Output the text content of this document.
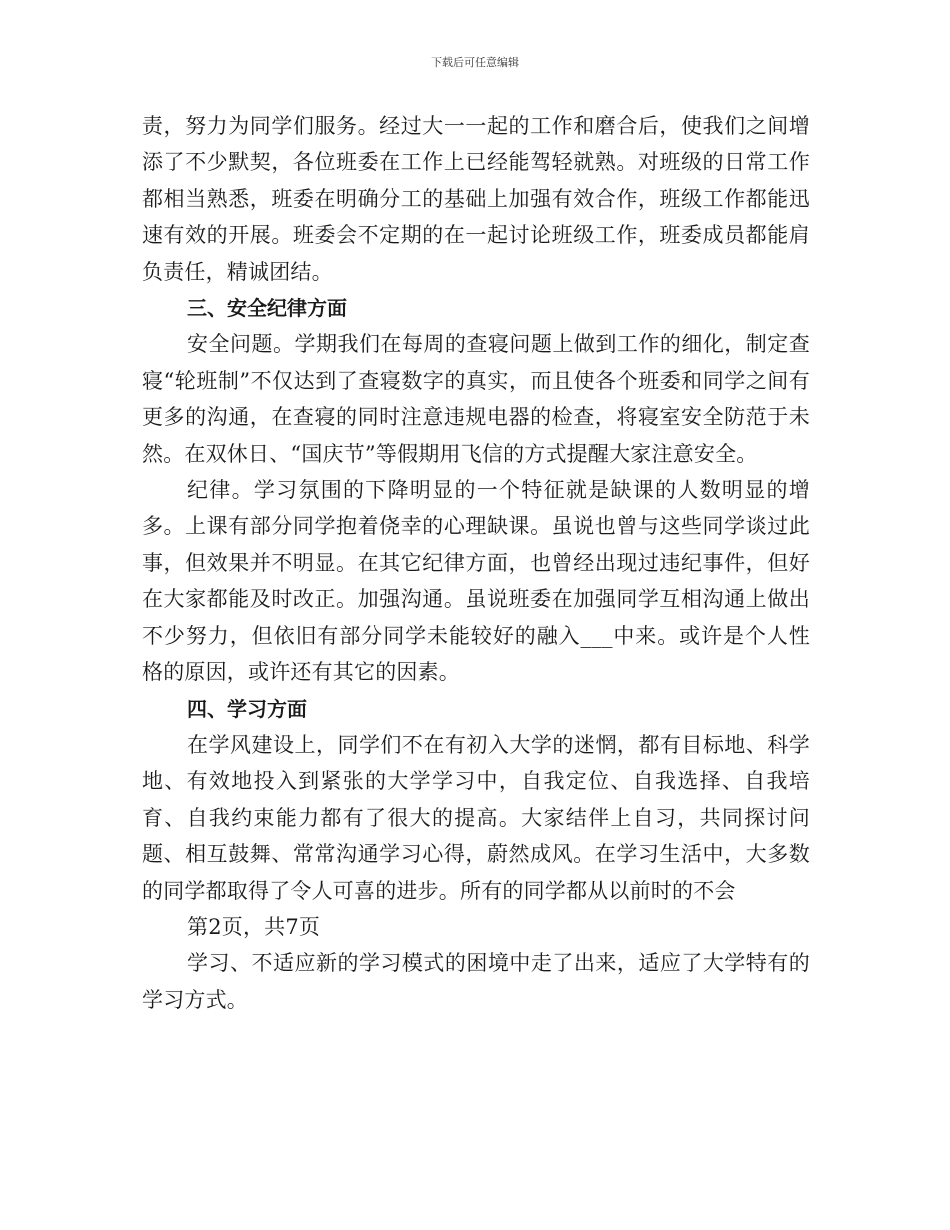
下载后可任意编辑

责，努力为同学们服务。经过大一一起的工作和磨合后，使我们之间增添了不少默契，各位班委在工作上已经能驾轻就熟。对班级的日常工作都相当熟悉，班委在明确分工的基础上加强有效合作，班级工作都能迅速有效的开展。班委会不定期的在一起讨论班级工作，班委成员都能肩负责任，精诚团结。

三、安全纪律方面

安全问题。学期我们在每周的查寝问题上做到工作的细化，制定查寝“轮班制”不仅达到了查寝数字的真实，而且使各个班委和同学之间有更多的沟通，在查寝的同时注意违规电器的检查，将寝室安全防范于未然。在双休日、“国庆节”等假期用飞信的方式提醒大家注意安全。

纪律。学习氛围的下降明显的一个特征就是缺课的人数明显的增多。上课有部分同学抱着侥幸的心理缺课。虽说也曾与这些同学谈过此事，但效果并不明显。在其它纪律方面，也曾经出现过违纪事件，但好在大家都能及时改正。加强沟通。虽说班委在加强同学互相沟通上做出不少努力，但依旧有部分同学未能较好的融入___中来。或许是个人性格的原因，或许还有其它的因素。

四、学习方面

在学风建设上，同学们不在有初入大学的迷惘，都有目标地、科学地、有效地投入到紧张的大学学习中，自我定位、自我选择、自我培育、自我约束能力都有了很大的提高。大家结伴上自习，共同探讨问题、相互鼓舞、常常沟通学习心得，蔚然成风。在学习生活中，大多数的同学都取得了令人可喜的进步。所有的同学都从以前时的不会

第2页，共7页

学习、不适应新的学习模式的困境中走了出来，适应了大学特有的学习方式。
